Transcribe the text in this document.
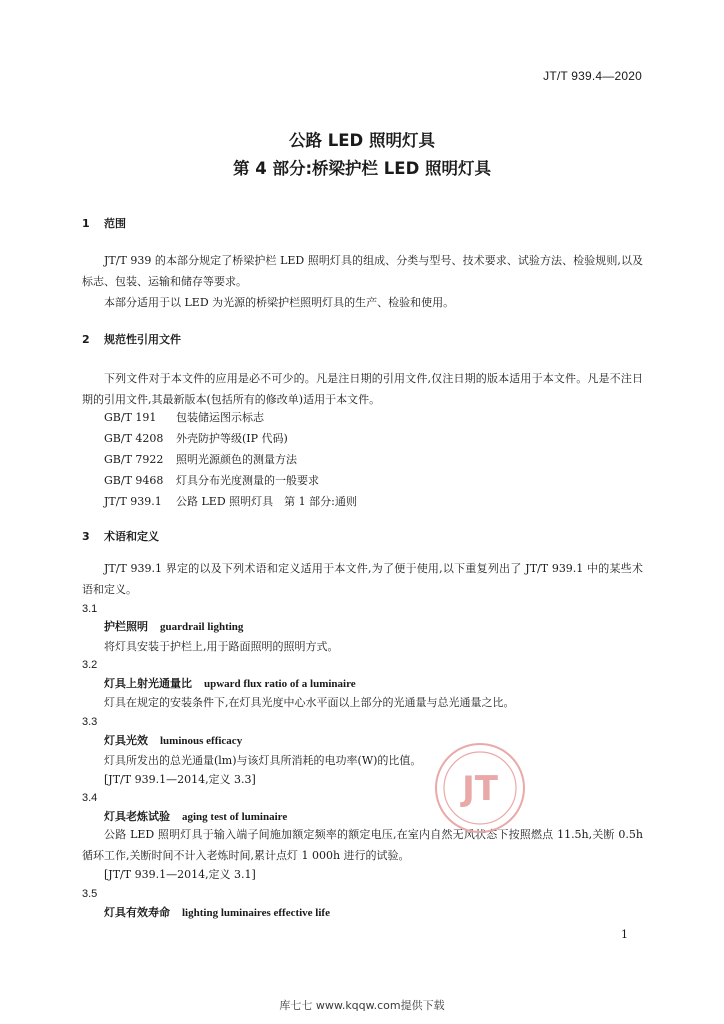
JT/T 939.4—2020
公路 LED 照明灯具
第 4 部分:桥梁护栏 LED 照明灯具
1 范围

JT/T 939 的本部分规定了桥梁护栏 LED 照明灯具的组成、分类与型号、技术要求、试验方法、检验规则,以及标志、包装、运输和储存等要求。

本部分适用于以 LED 为光源的桥梁护栏照明灯具的生产、检验和使用。

2 规范性引用文件

下列文件对于本文件的应用是必不可少的。凡是注日期的引用文件,仅注日期的版本适用于本文件。凡是不注日期的引用文件,其最新版本(包括所有的修改单)适用于本文件。

GB/T 191 包装储运图示标志
GB/T 4208 外壳防护等级(IP 代码)
GB/T 7922 照明光源颜色的测量方法
GB/T 9468 灯具分布光度测量的一般要求
JT/T 939.1 公路 LED 照明灯具　第 1 部分:通则
3 术语和定义

JT/T 939.1 界定的以及下列术语和定义适用于本文件,为了便于使用,以下重复列出了 JT/T 939.1 中的某些术语和定义。

3.1
护栏照明 guardrail lighting
将灯具安装于护栏上,用于路面照明的照明方式。
3.2
灯具上射光通量比 upward flux ratio of a luminaire
灯具在规定的安装条件下,在灯具光度中心水平面以上部分的光通量与总光通量之比。
3.3
灯具光效 luminous efficacy
灯具所发出的总光通量(lm)与该灯具所消耗的电功率(W)的比值。
[JT/T 939.1—2014,定义 3.3]
3.4
灯具老炼试验 aging test of luminaire

公路 LED 照明灯具于输入端子间施加额定频率的额定电压,在室内自然无风状态下按照燃点 11.5h,关断 0.5h 循环工作,关断时间不计入老炼时间,累计点灯 1 000h 进行的试验。

[JT/T 939.1—2014,定义 3.1]
3.5
灯具有效寿命 lighting luminaires effective life
JT
1
库七七 www.kqqw.com提供下载
